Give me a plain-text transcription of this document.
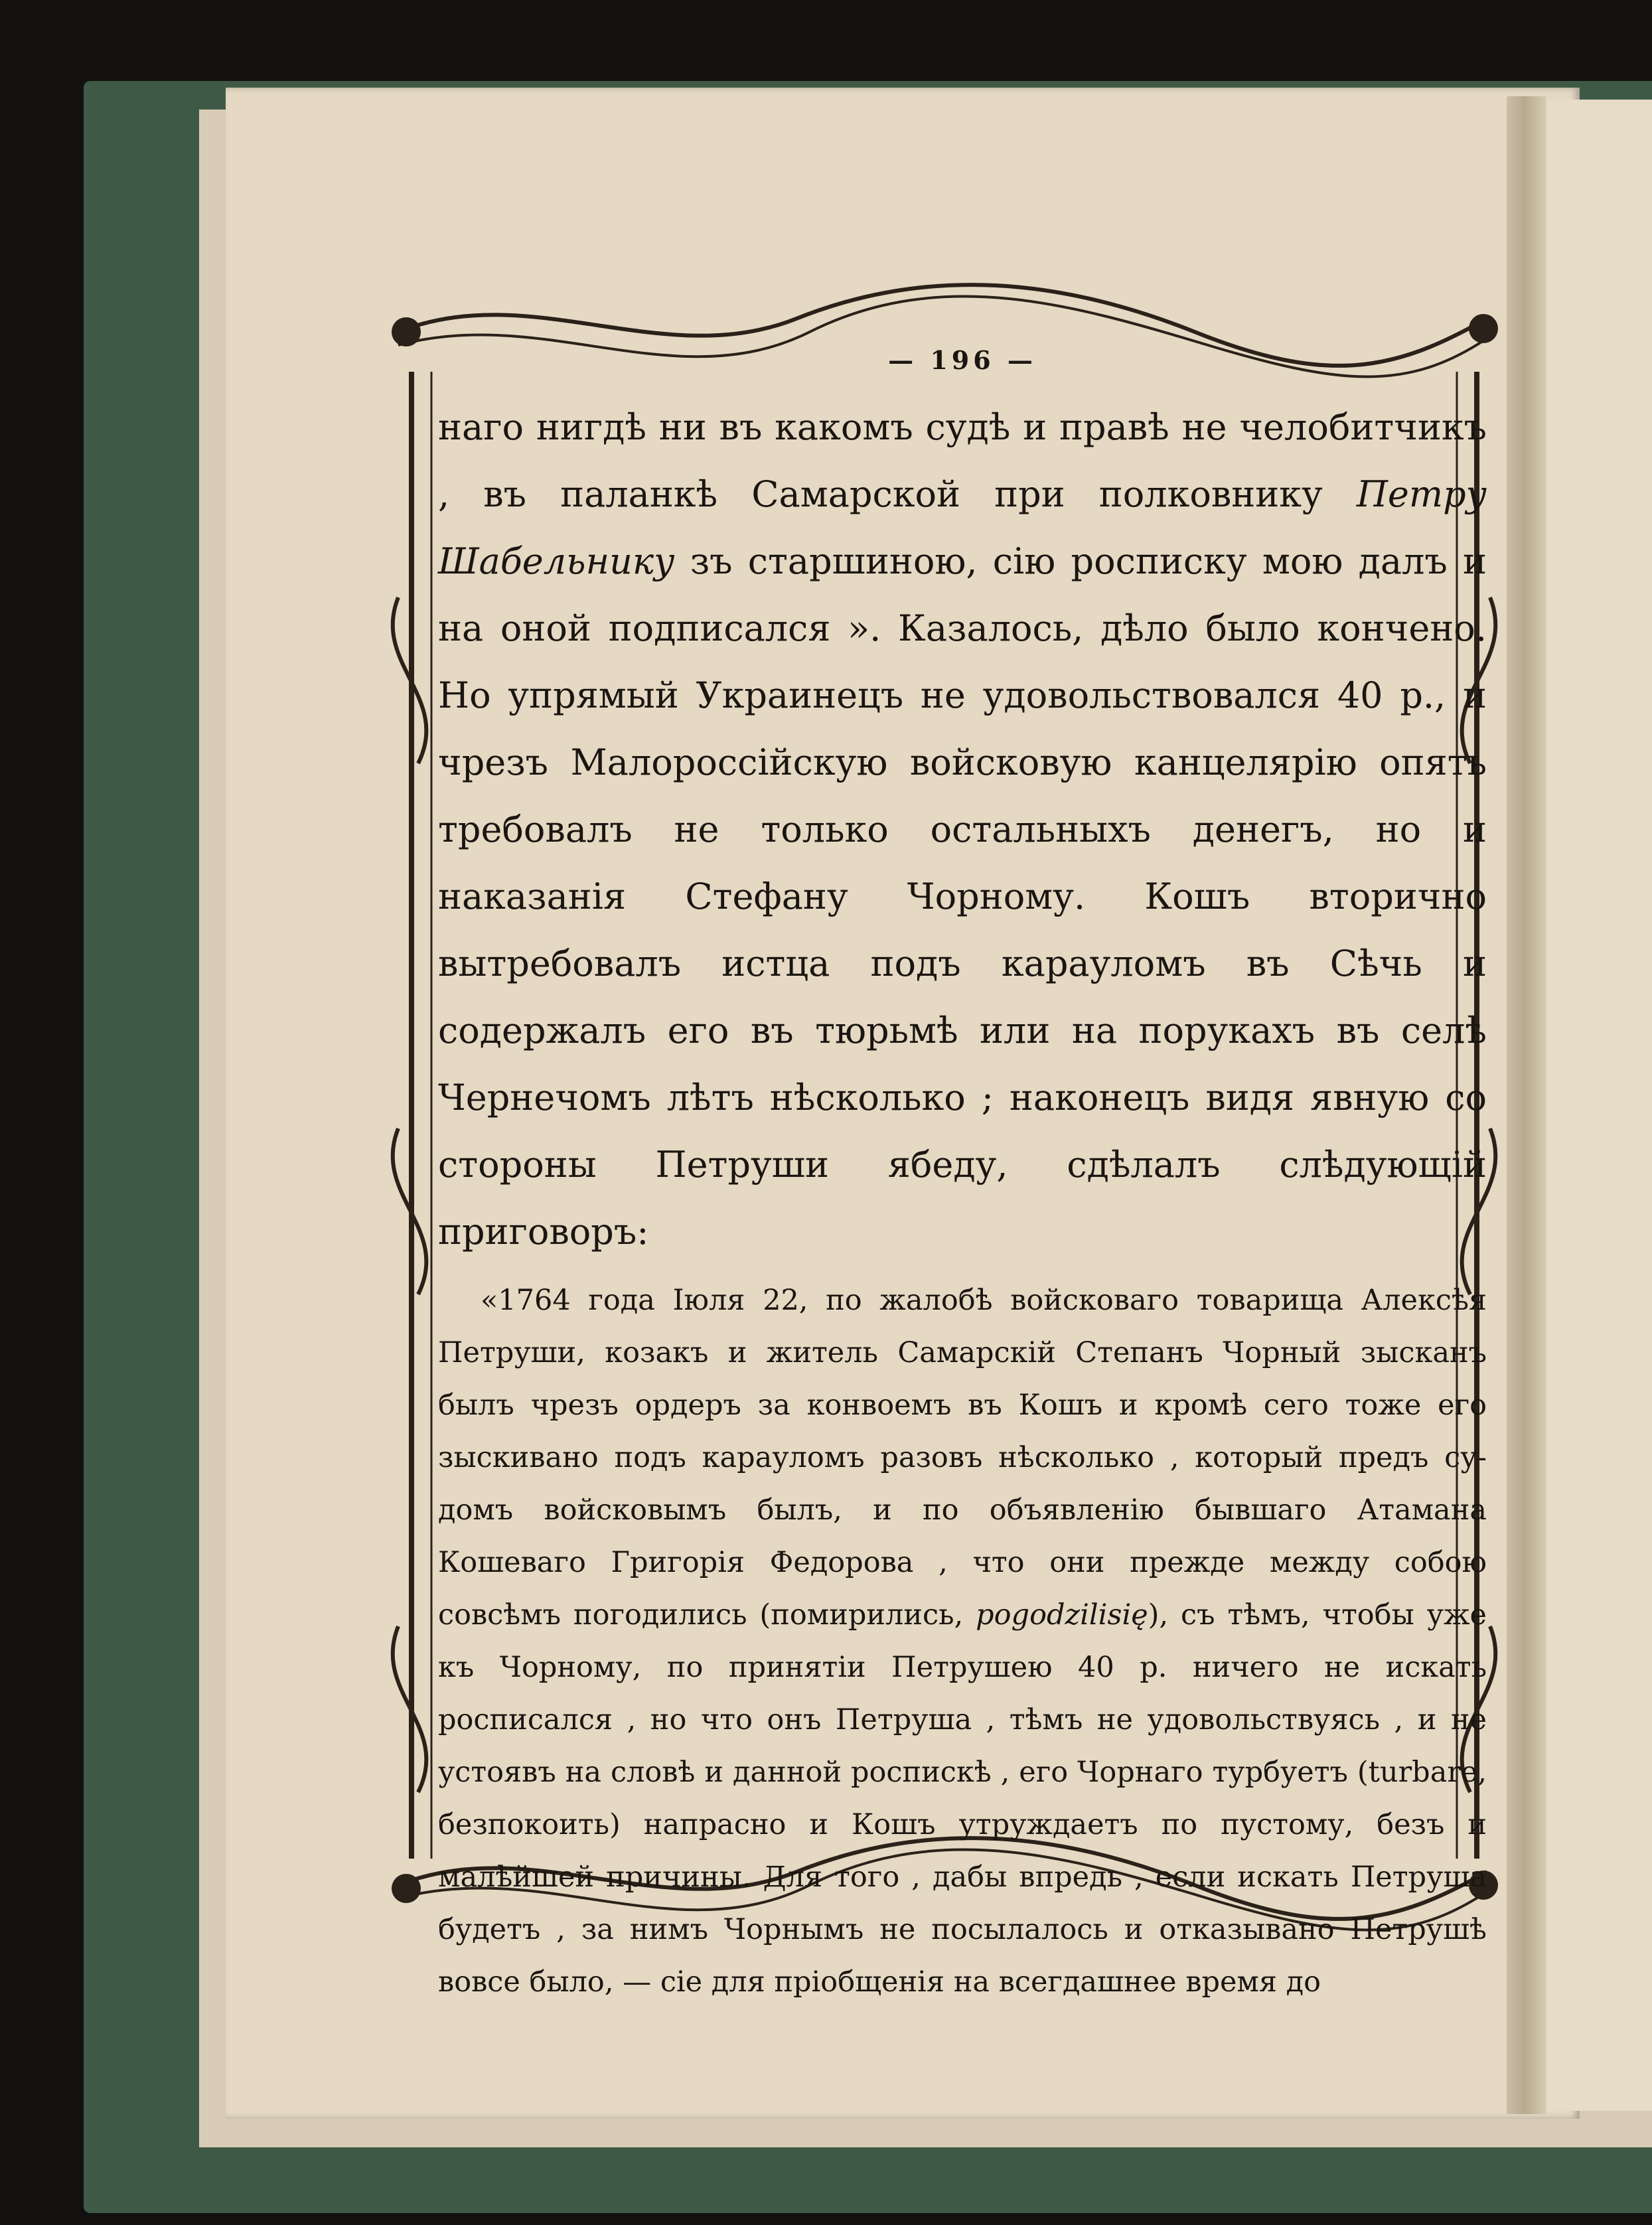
— 196 —

наго нигдѣ ни въ какомъ судѣ и правѣ не челобитчикъ , въ паланкѣ Самарской при полковнику Петру Шабельнику зъ старшиною, сію росписку мою далъ и на оной подписался ». Казалось, дѣло было кончено. Но упрямый Украинецъ не удовольствовался 40 р., и чрезъ Малороссійскую войсковую канцелярію опять требовалъ не только остальныхъ денегъ, но и наказанія Стефану Чорному. Кошъ вторично вытребовалъ истца подъ карауломъ въ Сѣчь и содержалъ его въ тюрьмѣ или на порукахъ въ селѣ Чернечомъ лѣтъ нѣсколько ; наконецъ видя явную со стороны Петруши ябеду, сдѣлалъ слѣдующій приговоръ:

«1764 года Іюля 22, по жалобѣ войсковаго товарища Алексѣя Петруши, козакъ и житель Самарскій Степанъ Чорный зысканъ былъ чрезъ ордеръ за конвоемъ въ Кошъ и кромѣ сего тоже его зыскивано подъ карауломъ разовъ нѣсколько , который предъ судомъ войсковымъ былъ, и по объявленію бывшаго Атамана Кошеваго Григорія Федорова , что они прежде между собою совсѣмъ погодились (помирились, pogodzilisię), съ тѣмъ, чтобы уже къ Чорному, по принятіи Петрушею 40 р. ничего не искать росписался , но что онъ Петруша , тѣмъ не удовольствуясь , и не устоявъ на словѣ и данной роспискѣ , его Чорнаго турбуетъ (turbare, безпокоить) напрасно и Кошъ утруждаетъ по пустому, безъ и малѣйшей причины. Для того , дабы впредь , если искать Петруша будетъ , за нимъ Чорнымъ не посылалось и отказывано Петрушѣ вовсе было, — сіе для пріобщенія на всегдашнее время до
